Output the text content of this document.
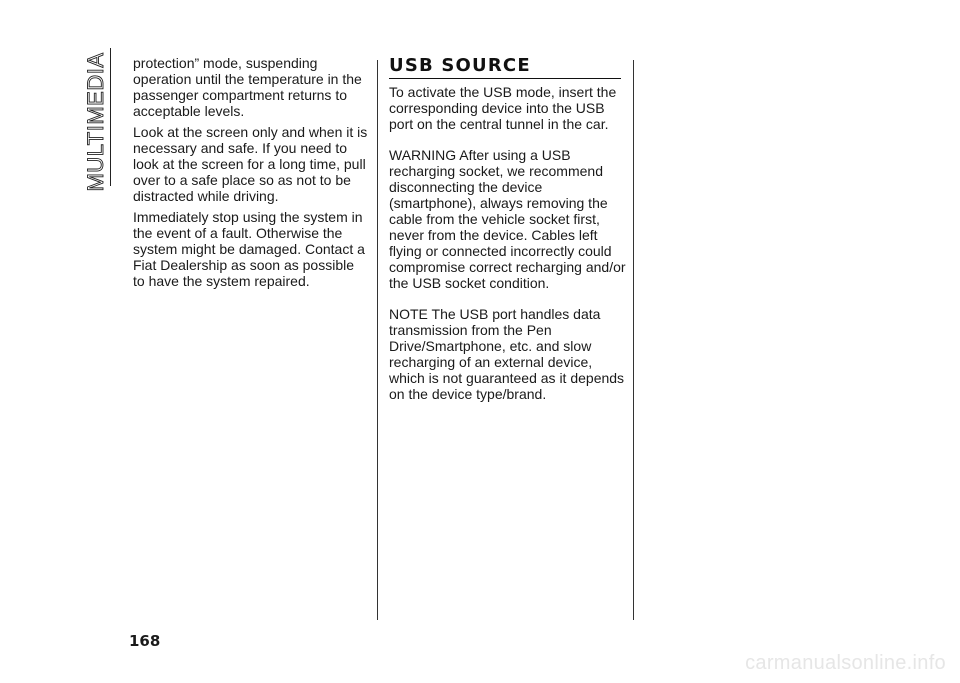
MULTIMEDIA protection” mode, suspending operation until the temperature in the passenger compartment returns to acceptable levels.

Look at the screen only and when it is necessary and safe. If you need to look at the screen for a long time, pull over to a safe place so as not to be distracted while driving.

Immediately stop using the system in the event of a fault. Otherwise the system might be damaged. Contact a Fiat Dealership as soon as possible to have the system repaired.

USB SOURCE

To activate the USB mode, insert the corresponding device into the USB port on the central tunnel in the car.

WARNING After using a USB recharging socket, we recommend disconnecting the device (smartphone), always removing the cable from the vehicle socket first, never from the device. Cables left flying or connected incorrectly could compromise correct recharging and/or the USB socket condition.

NOTE The USB port handles data transmission from the Pen Drive/Smartphone, etc. and slow recharging of an external device, which is not guaranteed as it depends on the device type/brand.

168
carmanualsonline.info
